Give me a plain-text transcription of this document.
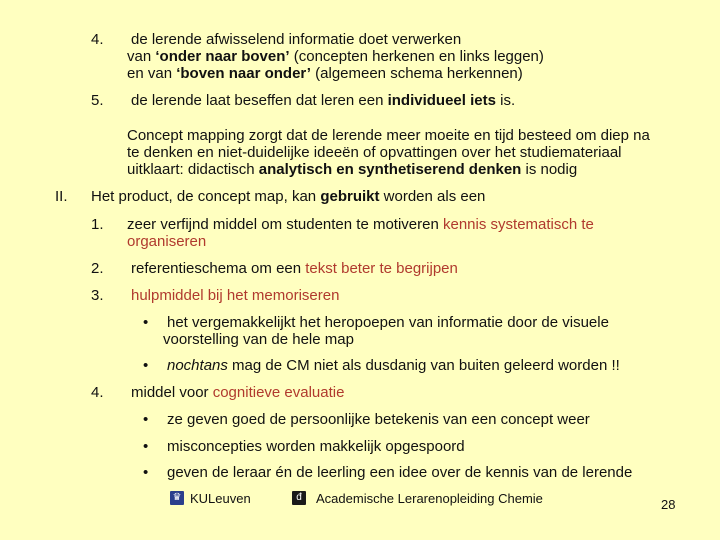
4. de lerende afwisselend informatie doet verwerken
van ‘onder naar boven’ (concepten herkenen en links leggen)
en van ‘boven naar onder’ (algemeen schema herkennen)
5. de lerende laat beseffen dat leren een individueel iets is.
Concept mapping zorgt dat de lerende meer moeite en tijd besteed om diep na
te denken en niet-duidelijke ideeën of opvattingen over het studiemateriaal
uitklaart: didactisch analytisch en synthetiserend denken is nodig
II. Het product, de concept map, kan gebruikt worden als een
1. zeer verfijnd middel om studenten te motiveren kennis systematisch te
organiseren
2. referentieschema om een tekst beter te begrijpen
3. hulpmiddel bij het memoriseren
• het vergemakkelijkt het heropoepen van informatie door de visuele
voorstelling van de hele map
• nochtans mag de CM niet als dusdanig van buiten geleerd worden !!
4. middel voor cognitieve evaluatie
• ze geven goed de persoonlijke betekenis van een concept weer
• misconcepties worden makkelijk opgespoord
• geven de leraar én de leerling een idee over de kennis van de lerende
♛ KULeuven	đ	Academische Lerarenopleiding Chemie	28
